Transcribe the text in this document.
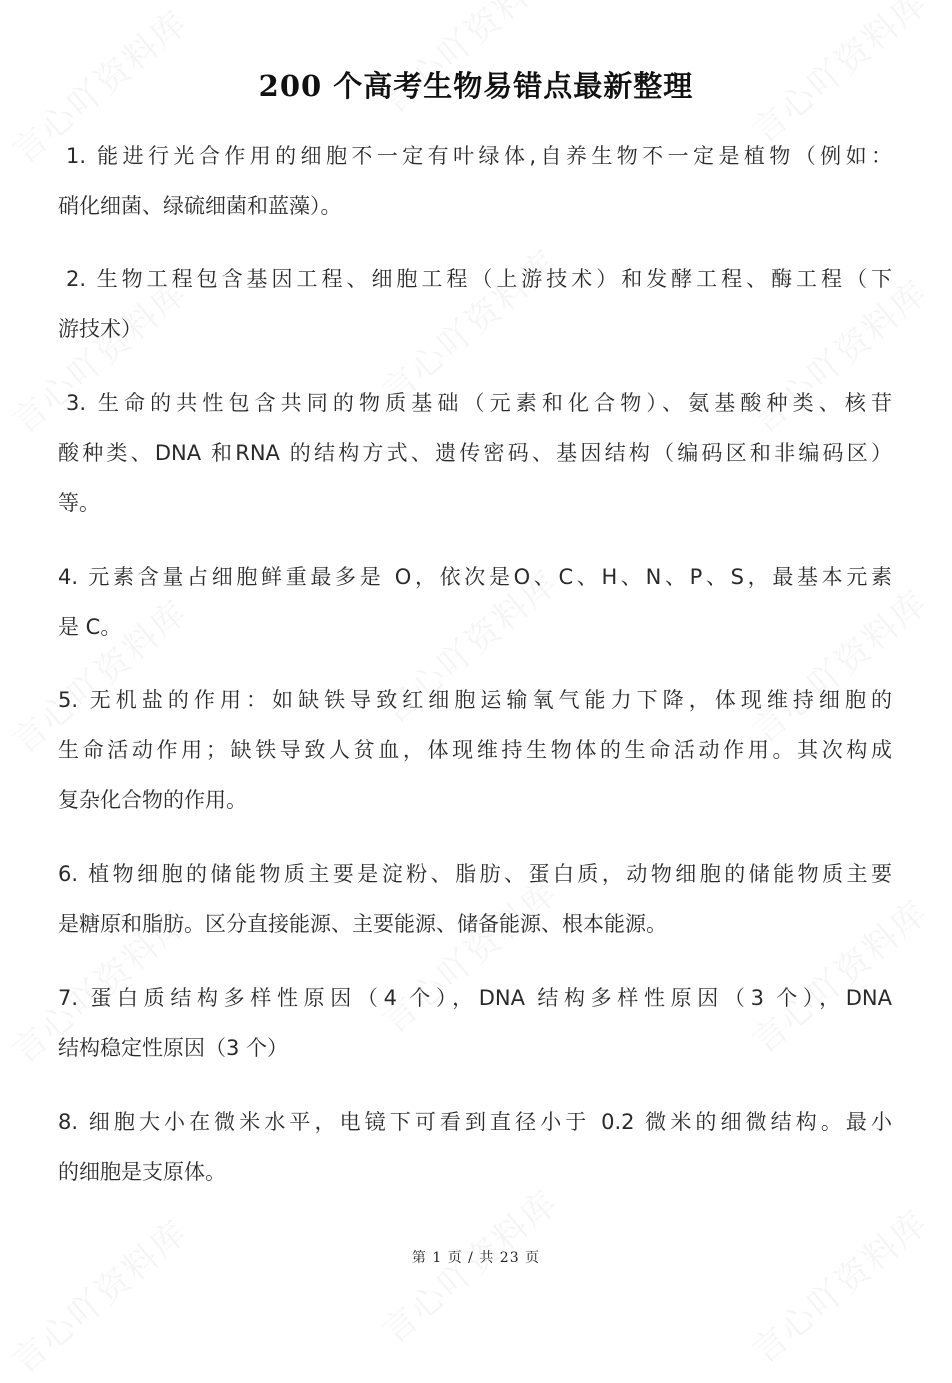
200 个高考生物易错点最新整理
1. 能进行光合作用的细胞不一定有叶绿体,自养生物不一定是植物（例如：
硝化细菌、绿硫细菌和蓝藻）。
2. 生物工程包含基因工程、细胞工程（上游技术）和发酵工程、酶工程（下
游技术）
3. 生命的共性包含共同的物质基础（元素和化合物）、氨基酸种类、核苷
酸种类、DNA 和RNA 的结构方式、遗传密码、基因结构（编码区和非编码区）
等。
4. 元素含量占细胞鲜重最多是 O，依次是O、C、H、N、P、S，最基本元素
是 C。
5. 无机盐的作用：如缺铁导致红细胞运输氧气能力下降，体现维持细胞的
生命活动作用；缺铁导致人贫血，体现维持生物体的生命活动作用。其次构成
复杂化合物的作用。
6. 植物细胞的储能物质主要是淀粉、脂肪、蛋白质，动物细胞的储能物质主要
是糖原和脂肪。区分直接能源、主要能源、储备能源、根本能源。
7. 蛋白质结构多样性原因（4 个），DNA 结构多样性原因（3 个），DNA
结构稳定性原因（3 个）
8. 细胞大小在微米水平，电镜下可看到直径小于 0.2 微米的细微结构。最小
的细胞是支原体。
第 1 页 / 共 23 页
